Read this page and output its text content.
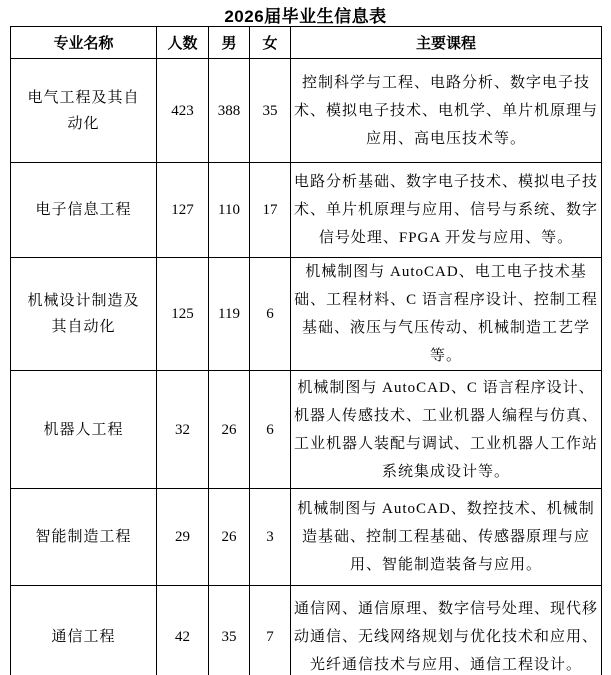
2026届毕业生信息表
专业名称	人数	男	女	主要课程
电气工程及其自动化	423	388	35	控制科学与工程、电路分析、数字电子技术、模拟电子技术、电机学、单片机原理与应用、高电压技术等。
电子信息工程	127	110	17	电路分析基础、数字电子技术、模拟电子技术、单片机原理与应用、信号与系统、数字信号处理、FPGA 开发与应用、等。
机械设计制造及其自动化	125	119	6	机械制图与 AutoCAD、电工电子技术基础、工程材料、C 语言程序设计、控制工程基础、液压与气压传动、机械制造工艺学等。
机器人工程	32	26	6	机械制图与 AutoCAD、C 语言程序设计、机器人传感技术、工业机器人编程与仿真、工业机器人装配与调试、工业机器人工作站系统集成设计等。
智能制造工程	29	26	3	机械制图与 AutoCAD、数控技术、机械制造基础、控制工程基础、传感器原理与应用、智能制造装备与应用。
通信工程	42	35	7	通信网、通信原理、数字信号处理、现代移动通信、无线网络规划与优化技术和应用、光纤通信技术与应用、通信工程设计。
